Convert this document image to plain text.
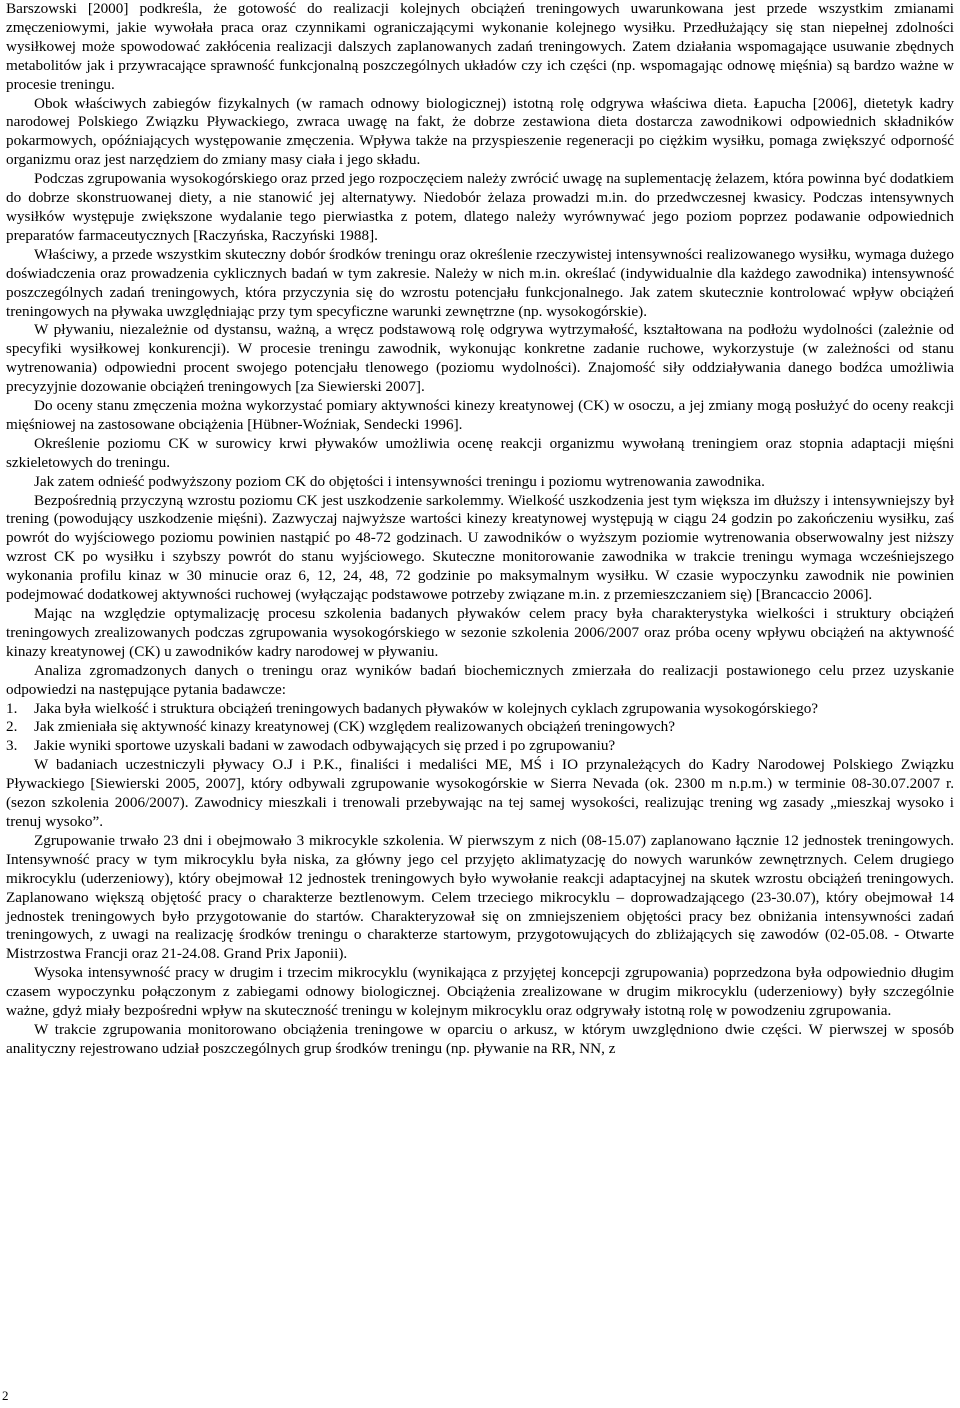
Barszowski [2000] podkreśla, że gotowość do realizacji kolejnych obciążeń treningowych uwarunkowana jest przede wszystkim zmianami zmęczeniowymi, jakie wywołała praca oraz czynnikami ograniczającymi wykonanie kolejnego wysiłku. Przedłużający się stan niepełnej zdolności wysiłkowej może spowodować zakłócenia realizacji dalszych zaplanowanych zadań treningowych. Zatem działania wspomagające usuwanie zbędnych metabolitów jak i przywracające sprawność funkcjonalną poszczególnych układów czy ich części (np. wspomagając odnowę mięśnia) są bardzo ważne w procesie treningu.

Obok właściwych zabiegów fizykalnych (w ramach odnowy biologicznej) istotną rolę odgrywa właściwa dieta. Łapucha [2006], dietetyk kadry narodowej Polskiego Związku Pływackiego, zwraca uwagę na fakt, że dobrze zestawiona dieta dostarcza zawodnikowi odpowiednich składników pokarmowych, opóźniających występowanie zmęczenia. Wpływa także na przyspieszenie regeneracji po ciężkim wysiłku, pomaga zwiększyć odporność organizmu oraz jest narzędziem do zmiany masy ciała i jego składu.

Podczas zgrupowania wysokogórskiego oraz przed jego rozpoczęciem należy zwrócić uwagę na suplementację żelazem, która powinna być dodatkiem do dobrze skonstruowanej diety, a nie stanowić jej alternatywy. Niedobór żelaza prowadzi m.in. do przedwczesnej kwasicy. Podczas intensywnych wysiłków występuje zwiększone wydalanie tego pierwiastka z potem, dlatego należy wyrównywać jego poziom poprzez podawanie odpowiednich preparatów farmaceutycznych [Raczyńska, Raczyński 1988].

Właściwy, a przede wszystkim skuteczny dobór środków treningu oraz określenie rzeczywistej intensywności realizowanego wysiłku, wymaga dużego doświadczenia oraz prowadzenia cyklicznych badań w tym zakresie. Należy w nich m.in. określać (indywidualnie dla każdego zawodnika) intensywność poszczególnych zadań treningowych, która przyczynia się do wzrostu potencjału funkcjonalnego. Jak zatem skutecznie kontrolować wpływ obciążeń treningowych na pływaka uwzględniając przy tym specyficzne warunki zewnętrzne (np. wysokogórskie).

W pływaniu, niezależnie od dystansu, ważną, a wręcz podstawową rolę odgrywa wytrzymałość, kształtowana na podłożu wydolności (zależnie od specyfiki wysiłkowej konkurencji). W procesie treningu zawodnik, wykonując konkretne zadanie ruchowe, wykorzystuje (w zależności od stanu wytrenowania) odpowiedni procent swojego potencjału tlenowego (poziomu wydolności). Znajomość siły oddziaływania danego bodźca umożliwia precyzyjnie dozowanie obciążeń treningowych [za Siewierski 2007].

Do oceny stanu zmęczenia można wykorzystać pomiary aktywności kinezy kreatynowej (CK) w osoczu, a jej zmiany mogą posłużyć do oceny reakcji mięśniowej na zastosowane obciążenia [Hübner-Woźniak, Sendecki 1996].

Określenie poziomu CK w surowicy krwi pływaków umożliwia ocenę reakcji organizmu wywołaną treningiem oraz stopnia adaptacji mięśni szkieletowych do treningu.

Jak zatem odnieść podwyższony poziom CK do objętości i intensywności treningu i poziomu wytrenowania zawodnika.

Bezpośrednią przyczyną wzrostu poziomu CK jest uszkodzenie sarkolemmy. Wielkość uszkodzenia jest tym większa im dłuższy i intensywniejszy był trening (powodujący uszkodzenie mięśni). Zazwyczaj najwyższe wartości kinezy kreatynowej występują w ciągu 24 godzin po zakończeniu wysiłku, zaś powrót do wyjściowego poziomu powinien nastąpić po 48-72 godzinach. U zawodników o wyższym poziomie wytrenowania obserwowalny jest niższy wzrost CK po wysiłku i szybszy powrót do stanu wyjściowego. Skuteczne monitorowanie zawodnika w trakcie treningu wymaga wcześniejszego wykonania profilu kinaz w 30 minucie oraz 6, 12, 24, 48, 72 godzinie po maksymalnym wysiłku. W czasie wypoczynku zawodnik nie powinien podejmować dodatkowej aktywności ruchowej (wyłączając podstawowe potrzeby związane m.in. z przemieszczaniem się) [Brancaccio 2006].

Mając na względzie optymalizację procesu szkolenia badanych pływaków celem pracy była charakterystyka wielkości i struktury obciążeń treningowych zrealizowanych podczas zgrupowania wysokogórskiego w sezonie szkolenia 2006/2007 oraz próba oceny wpływu obciążeń na aktywność kinazy kreatynowej (CK) u zawodników kadry narodowej w pływaniu.

Analiza zgromadzonych danych o treningu oraz wyników badań biochemicznych zmierzała do realizacji postawionego celu przez uzyskanie odpowiedzi na następujące pytania badawcze:

1.	Jaka była wielkość i struktura obciążeń treningowych badanych pływaków w kolejnych cyklach zgrupowania wysokogórskiego?
2.	Jak zmieniała się aktywność kinazy kreatynowej (CK) względem realizowanych obciążeń treningowych?
3.	Jakie wyniki sportowe uzyskali badani w zawodach odbywających się przed i po zgrupowaniu?

W badaniach uczestniczyli pływacy O.J i P.K., finaliści i medaliści ME, MŚ i IO przynależących do Kadry Narodowej Polskiego Związku Pływackiego [Siewierski 2005, 2007], który odbywali zgrupowanie wysokogórskie w Sierra Nevada (ok. 2300 m n.p.m.) w terminie 08-30.07.2007 r. (sezon szkolenia 2006/2007). Zawodnicy mieszkali i trenowali przebywając na tej samej wysokości, realizując trening wg zasady „mieszkaj wysoko i trenuj wysoko”.

Zgrupowanie trwało 23 dni i obejmowało 3 mikrocykle szkolenia. W pierwszym z nich (08-15.07) zaplanowano łącznie 12 jednostek treningowych. Intensywność pracy w tym mikrocyklu była niska, za główny jego cel przyjęto aklimatyzację do nowych warunków zewnętrznych. Celem drugiego mikrocyklu (uderzeniowy), który obejmował 12 jednostek treningowych było wywołanie reakcji adaptacyjnej na skutek wzrostu obciążeń treningowych. Zaplanowano większą objętość pracy o charakterze beztlenowym. Celem trzeciego mikrocyklu – doprowadzającego (23-30.07), który obejmował 14 jednostek treningowych było przygotowanie do startów. Charakteryzował się on zmniejszeniem objętości pracy bez obniżania intensywności zadań treningowych, z uwagi na realizację środków treningu o charakterze startowym, przygotowujących do zbliżających się zawodów (02-05.08. - Otwarte Mistrzostwa Francji oraz 21-24.08. Grand Prix Japonii).

Wysoka intensywność pracy w drugim i trzecim mikrocyklu (wynikająca z przyjętej koncepcji zgrupowania) poprzedzona była odpowiednio długim czasem wypoczynku połączonym z zabiegami odnowy biologicznej. Obciążenia zrealizowane w drugim mikrocyklu (uderzeniowy) były szczególnie ważne, gdyż miały bezpośredni wpływ na skuteczność treningu w kolejnym mikrocyklu oraz odgrywały istotną rolę w powodzeniu zgrupowania.

W trakcie zgrupowania monitorowano obciążenia treningowe w oparciu o arkusz, w którym uwzględniono dwie części. W pierwszej w sposób analityczny rejestrowano udział poszczególnych grup środków treningu (np. pływanie na RR, NN, z

2
